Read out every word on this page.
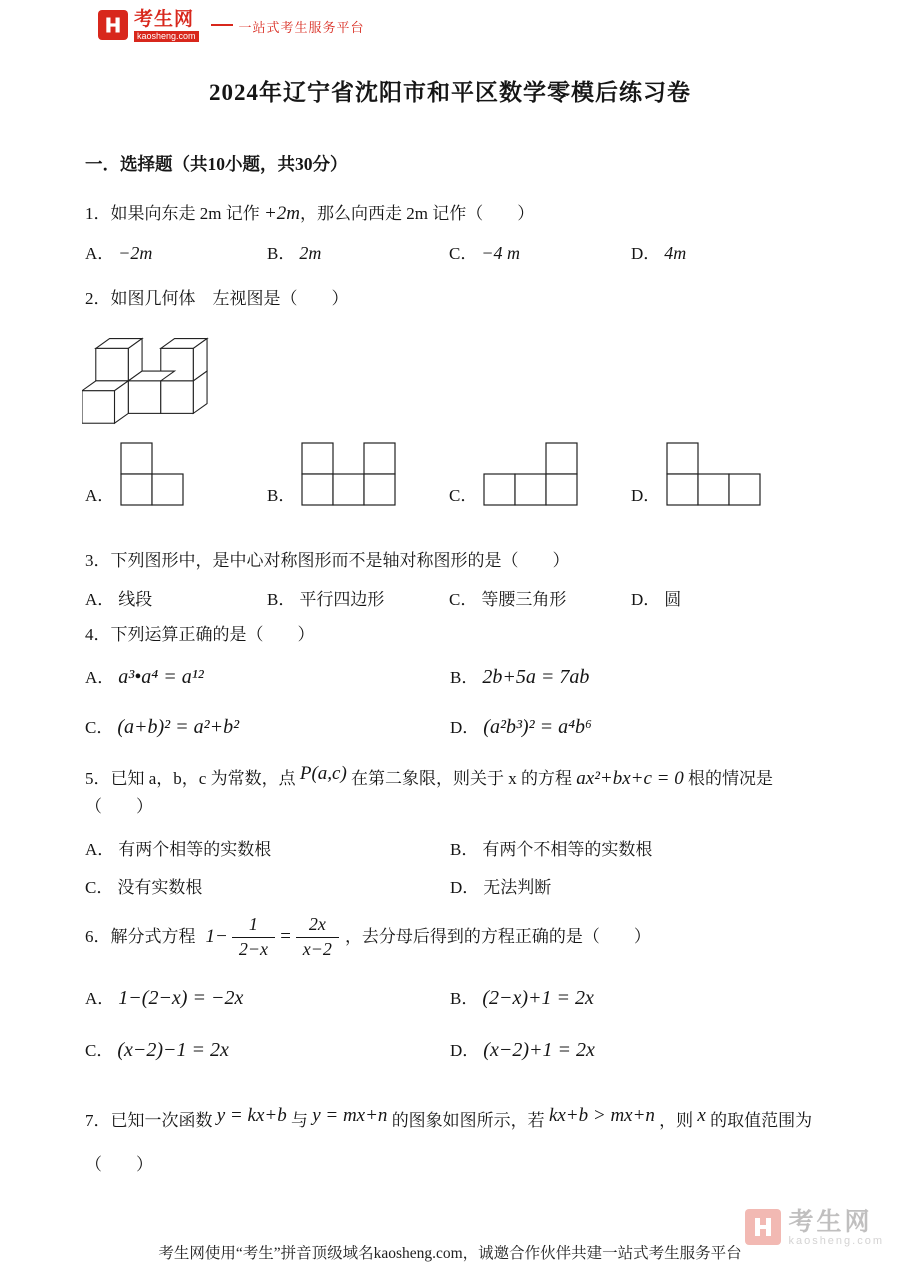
考生网
kaosheng.com
一站式考生服务平台
2024年辽宁省沈阳市和平区数学零模后练习卷
一．选择题（共10小题，共30分）
1．如果向东走 2m 记作 +2m，那么向西走 2m 记作（　　）
A． −2m	B． 2m	C． −4 m	D． 4m
2．如图几何体　左视图是（　　）
A．	B．	C．	D．
3．下列图形中，是中心对称图形而不是轴对称图形的是（　　）
A． 线段	B． 平行四边形	C． 等腰三角形	D． 圆
4．下列运算正确的是（　　）
A． a³•a⁴ = a¹²	B． 2b+5a = 7ab
C． (a+b)² = a²+b²	D． (a²b³)² = a⁴b⁶
5．已知 a，b，c 为常数，点 P(a,c) 在第二象限，则关于 x 的方程 ax²+bx+c = 0 根的情况是（　　）
A． 有两个相等的实数根	B． 有两个不相等的实数根
C． 没有实数根	D． 无法判断
6．解分式方程 $1- \frac{1}{2-x} = \frac{2x}{x-2}$ ，去分母后得到的方程正确的是（　　）
A． 1−(2−x) = −2x	B． (2−x)+1 = 2x
C． (x−2)−1 = 2x	D． (x−2)+1 = 2x
7．已知一次函数 y = kx+b 与 y = mx+n 的图象如图所示，若 kx+b > mx+n ，则 x 的取值范围为
（　　）
考生网
kaosheng.com
考生网使用“考生”拼音顶级域名kaosheng.com，诚邀合作伙伴共建一站式考生服务平台
